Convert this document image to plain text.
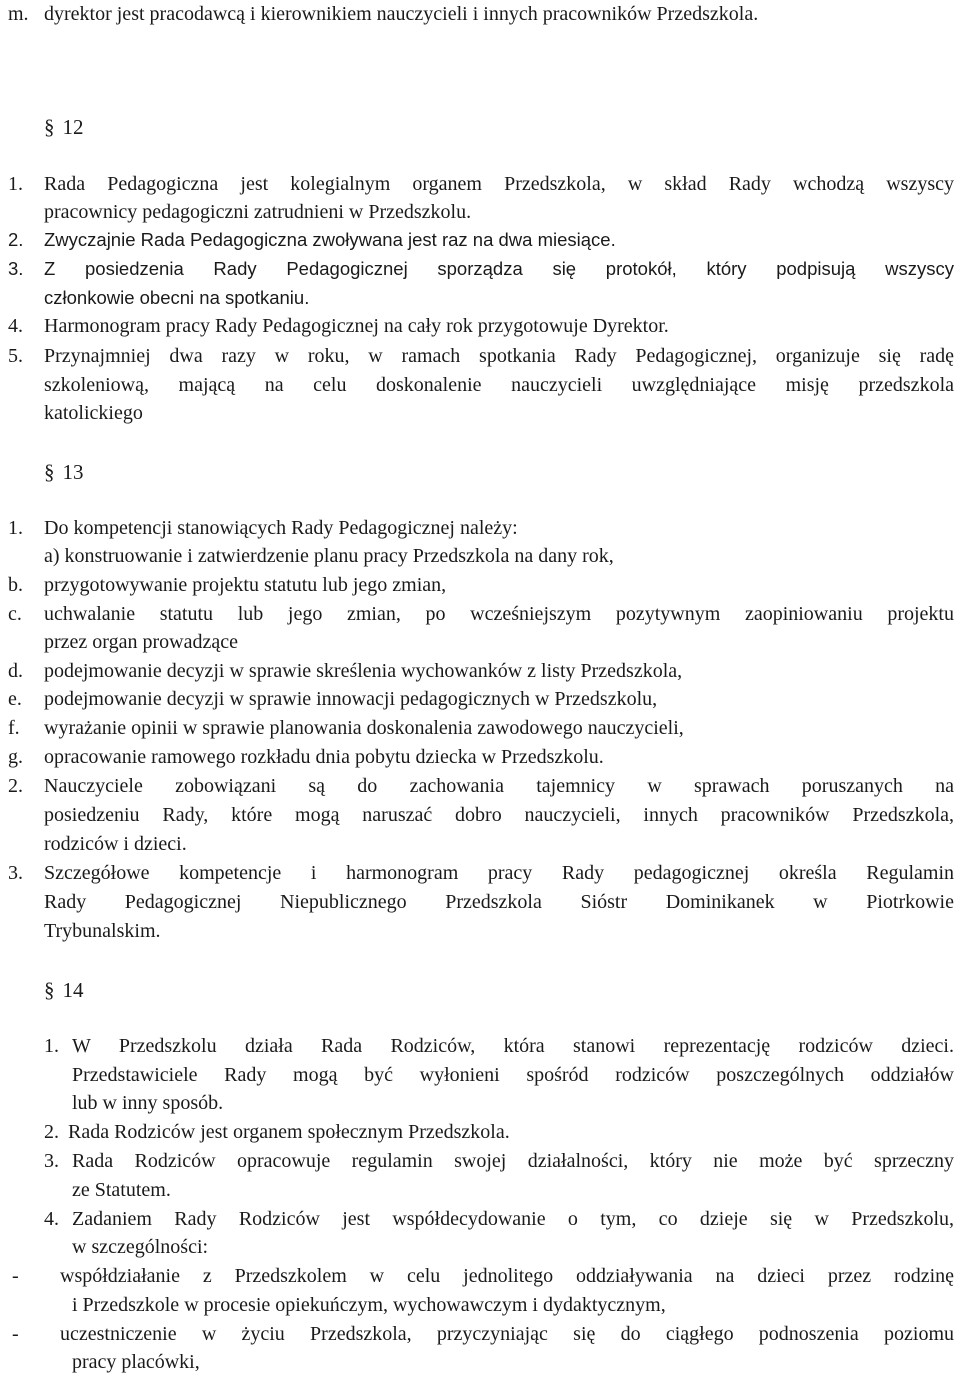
m. dyrektor jest pracodawcą i kierownikiem nauczycieli i innych pracowników Przedszkola.
§ 12
1. Rada Pedagogiczna jest kolegialnym organem Przedszkola, w skład Rady wchodzą wszyscy
pracownicy pedagogiczni zatrudnieni w Przedszkolu.
2. Zwyczajnie Rada Pedagogiczna zwoływana jest raz na dwa miesiące.
3. Z posiedzenia Rady Pedagogicznej sporządza się protokół, który podpisują wszyscy
członkowie obecni na spotkaniu.
4. Harmonogram pracy Rady Pedagogicznej na cały rok przygotowuje Dyrektor.
5. Przynajmniej dwa razy w roku, w ramach spotkania Rady Pedagogicznej, organizuje się radę
szkoleniową, mającą na celu doskonalenie nauczycieli uwzględniające misję przedszkola
katolickiego
§ 13
1. Do kompetencji stanowiących Rady Pedagogicznej należy:
a) konstruowanie i zatwierdzenie planu pracy Przedszkola na dany rok,
b. przygotowywanie projektu statutu lub jego zmian,
c. uchwalanie statutu lub jego zmian, po wcześniejszym pozytywnym zaopiniowaniu projektu
przez organ prowadzące
d. podejmowanie decyzji w sprawie skreślenia wychowanków z listy Przedszkola,
e. podejmowanie decyzji w sprawie innowacji pedagogicznych w Przedszkolu,
f. wyrażanie opinii w sprawie planowania doskonalenia zawodowego nauczycieli,
g. opracowanie ramowego rozkładu dnia pobytu dziecka w Przedszkolu.
2. Nauczyciele zobowiązani są do zachowania tajemnicy w sprawach poruszanych na
posiedzeniu Rady, które mogą naruszać dobro nauczycieli, innych pracowników Przedszkola,
rodziców i dzieci.
3. Szczegółowe kompetencje i harmonogram pracy Rady pedagogicznej określa Regulamin
Rady Pedagogicznej Niepublicznego Przedszkola Sióstr Dominikanek w Piotrkowie
Trybunalskim.
§ 14
1. W Przedszkolu działa Rada Rodziców, która stanowi reprezentację rodziców dzieci.
Przedstawiciele Rady mogą być wyłonieni spośród rodziców poszczególnych oddziałów
lub w inny sposób.
2. Rada Rodziców jest organem społecznym Przedszkola.
3. Rada Rodziców opracowuje regulamin swojej działalności, który nie może być sprzeczny
ze Statutem.
4. Zadaniem Rady Rodziców jest współdecydowanie o tym, co dzieje się w Przedszkolu,
w szczególności:
- współdziałanie z Przedszkolem w celu jednolitego oddziaływania na dzieci przez rodzinę
i Przedszkole w procesie opiekuńczym, wychowawczym i dydaktycznym,
- uczestniczenie w życiu Przedszkola, przyczyniając się do ciągłego podnoszenia poziomu
pracy placówki,
